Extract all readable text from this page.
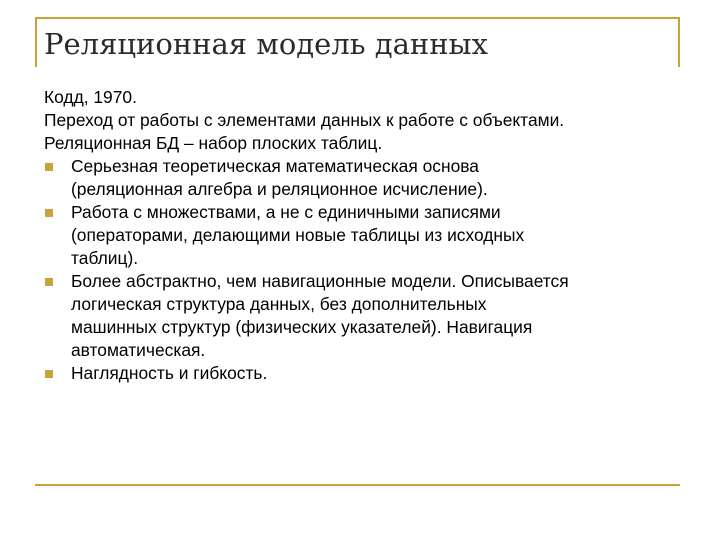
Реляционная модель данных

Кодд, 1970.

Переход от работы с элементами данных к работе с объектами.

Реляционная БД – набор плоских таблиц.

Серьезная теоретическая математическая основа
(реляционная алгебра и реляционное исчисление).
Работа с множествами, а не с единичными записями
(операторами, делающими новые таблицы из исходных
таблиц).
Более абстрактно, чем навигационные модели. Описывается
логическая структура данных, без дополнительных
машинных структур (физических указателей). Навигация
автоматическая.
Наглядность и гибкость.
